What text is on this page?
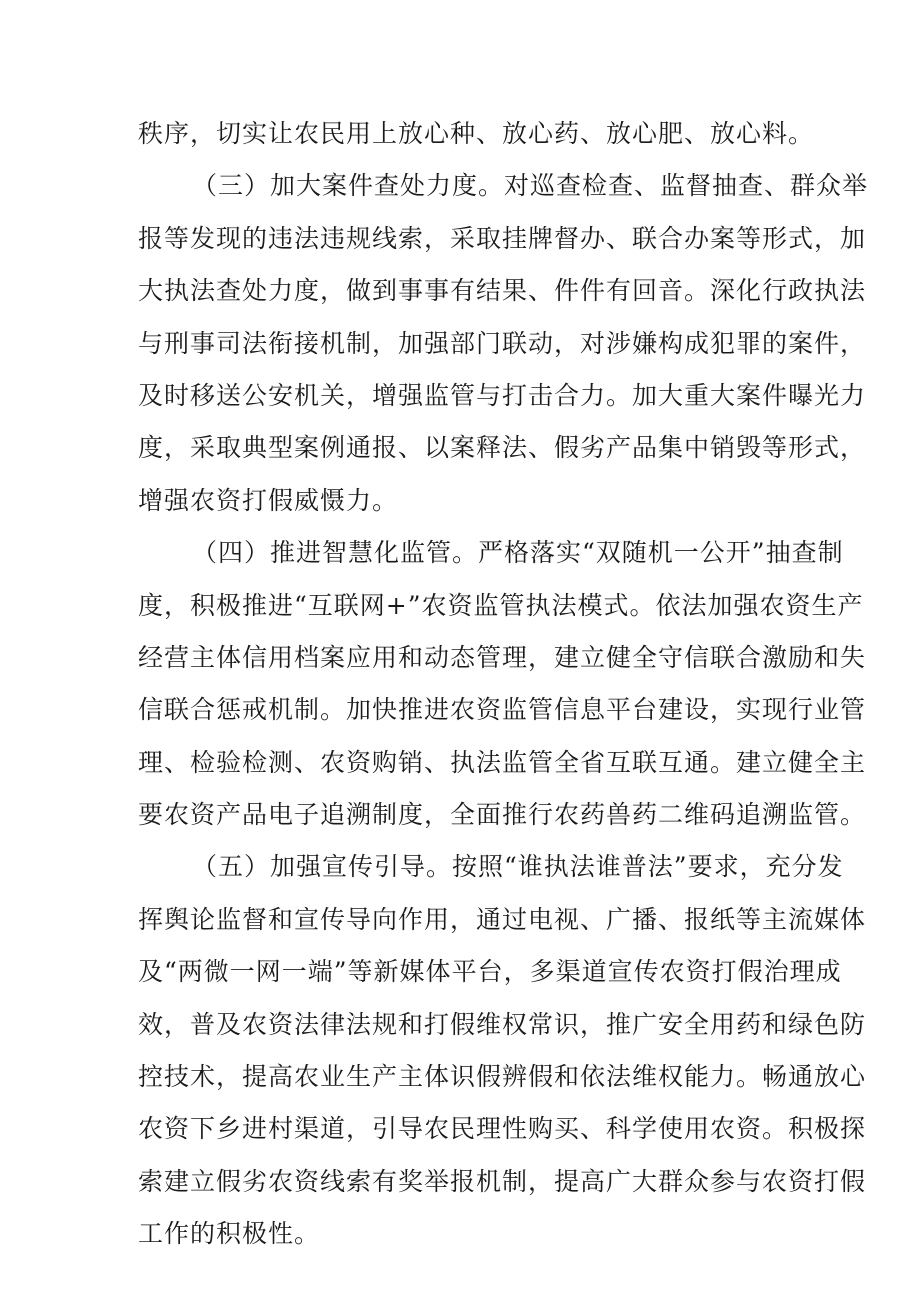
秩序，切实让农民用上放心种、放心药、放心肥、放心料。
（三）加大案件查处力度。对巡查检查、监督抽查、群众举
报等发现的违法违规线索，采取挂牌督办、联合办案等形式，加
大执法查处力度，做到事事有结果、件件有回音。深化行政执法
与刑事司法衔接机制，加强部门联动，对涉嫌构成犯罪的案件，
及时移送公安机关，增强监管与打击合力。加大重大案件曝光力
度，采取典型案例通报、以案释法、假劣产品集中销毁等形式，
增强农资打假威慑力。
（四）推进智慧化监管。严格落实“双随机一公开”抽查制
度，积极推进“互联网+”农资监管执法模式。依法加强农资生产
经营主体信用档案应用和动态管理，建立健全守信联合激励和失
信联合惩戒机制。加快推进农资监管信息平台建设，实现行业管
理、检验检测、农资购销、执法监管全省互联互通。建立健全主
要农资产品电子追溯制度，全面推行农药兽药二维码追溯监管。
（五）加强宣传引导。按照“谁执法谁普法”要求，充分发
挥舆论监督和宣传导向作用，通过电视、广播、报纸等主流媒体
及“两微一网一端”等新媒体平台，多渠道宣传农资打假治理成
效，普及农资法律法规和打假维权常识，推广安全用药和绿色防
控技术，提高农业生产主体识假辨假和依法维权能力。畅通放心
农资下乡进村渠道，引导农民理性购买、科学使用农资。积极探
索建立假劣农资线索有奖举报机制，提高广大群众参与农资打假
工作的积极性。
